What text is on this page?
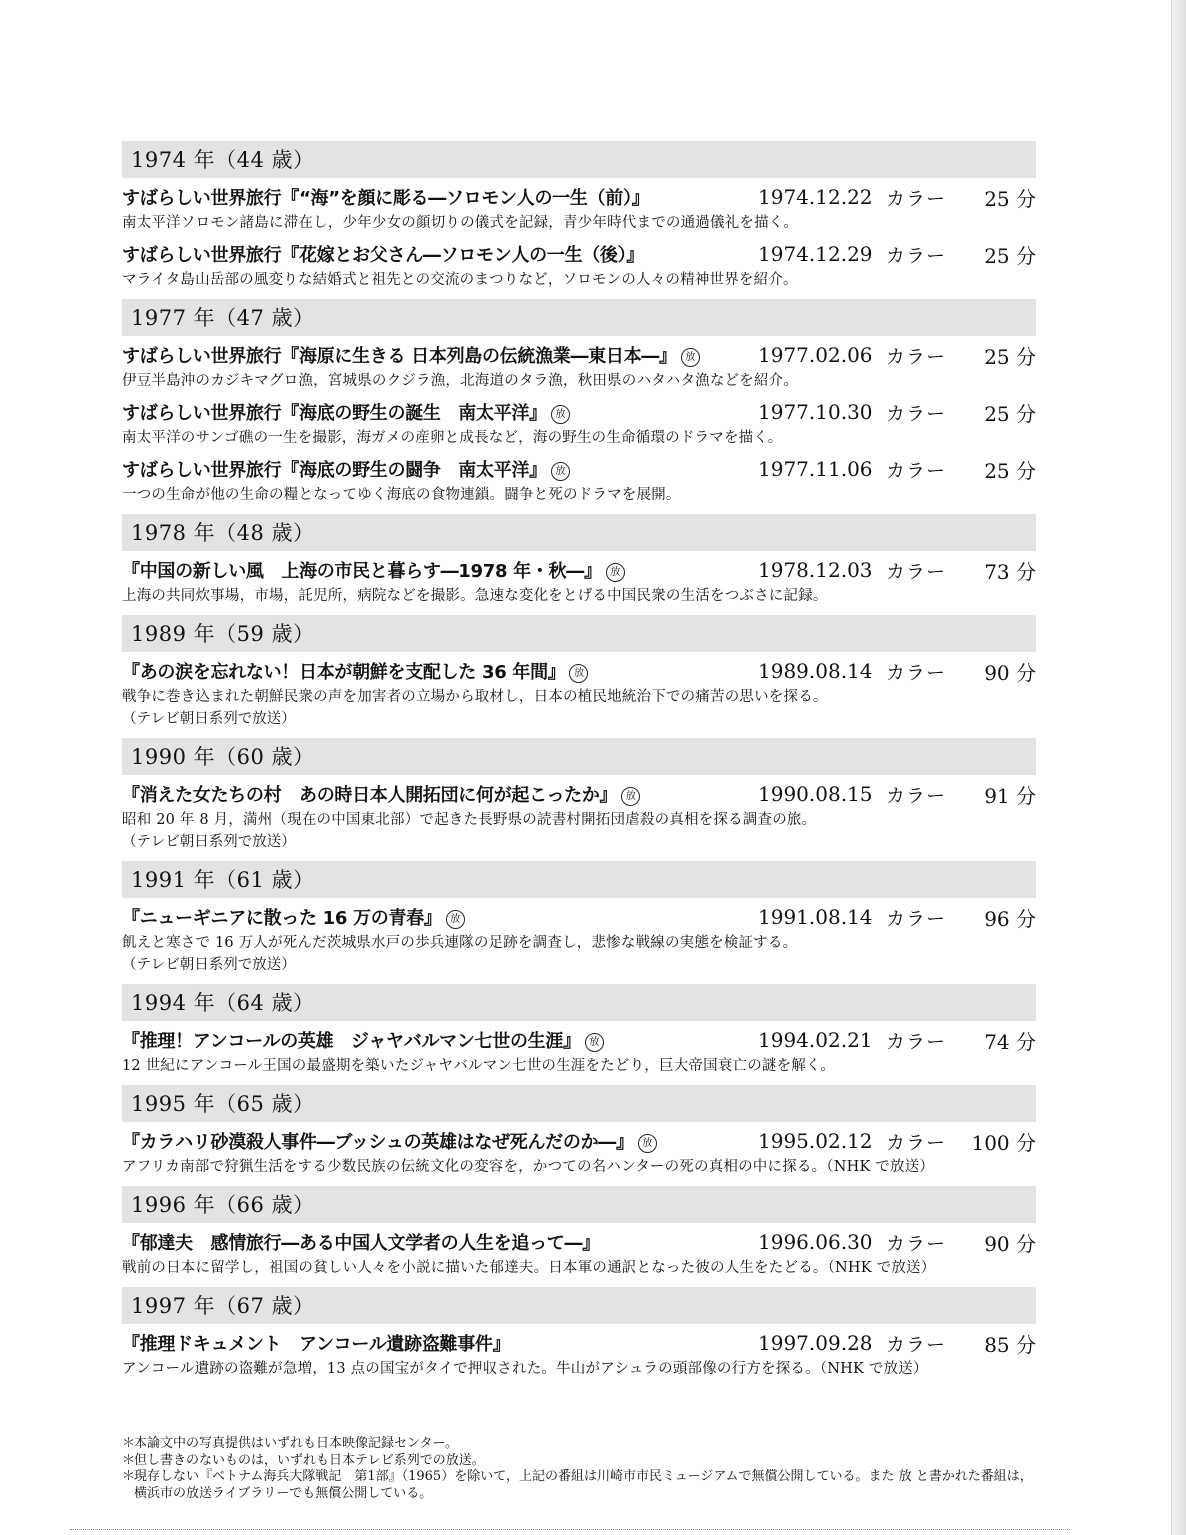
1974 年（44 歳）
すばらしい世界旅行『“海”を顔に彫る―ソロモン人の一生（前）』	1974.12.22 カラー	25 分
南太平洋ソロモン諸島に滞在し，少年少女の顔切りの儀式を記録，青少年時代までの通過儀礼を描く。
すばらしい世界旅行『花嫁とお父さん―ソロモン人の一生（後）』	1974.12.29 カラー	25 分
マライタ島山岳部の風変りな結婚式と祖先との交流のまつりなど，ソロモンの人々の精神世界を紹介。
1977 年（47 歳）
すばらしい世界旅行『海原に生きる 日本列島の伝統漁業―東日本―』 放	1977.02.06 カラー	25 分
伊豆半島沖のカジキマグロ漁，宮城県のクジラ漁，北海道のタラ漁，秋田県のハタハタ漁などを紹介。
すばらしい世界旅行『海底の野生の誕生　南太平洋』 放	1977.10.30 カラー	25 分
南太平洋のサンゴ礁の一生を撮影，海ガメの産卵と成長など，海の野生の生命循環のドラマを描く。
すばらしい世界旅行『海底の野生の闘争　南太平洋』 放	1977.11.06 カラー	25 分
一つの生命が他の生命の糧となってゆく海底の食物連鎖。闘争と死のドラマを展開。
1978 年（48 歳）
『中国の新しい風　上海の市民と暮らす―1978 年・秋―』 放	1978.12.03 カラー	73 分
上海の共同炊事場，市場，託児所，病院などを撮影。急速な変化をとげる中国民衆の生活をつぶさに記録。
1989 年（59 歳）
『あの涙を忘れない！日本が朝鮮を支配した 36 年間』 放	1989.08.14 カラー	90 分
戦争に巻き込まれた朝鮮民衆の声を加害者の立場から取材し，日本の植民地統治下での痛苦の思いを探る。
（テレビ朝日系列で放送）
1990 年（60 歳）
『消えた女たちの村　あの時日本人開拓団に何が起こったか』 放	1990.08.15 カラー	91 分
昭和 20 年 8 月，満州（現在の中国東北部）で起きた長野県の読書村開拓団虐殺の真相を探る調査の旅。
（テレビ朝日系列で放送）
1991 年（61 歳）
『ニューギニアに散った 16 万の青春』 放	1991.08.14 カラー	96 分
飢えと寒さで 16 万人が死んだ茨城県水戸の歩兵連隊の足跡を調査し，悲惨な戦線の実態を検証する。
（テレビ朝日系列で放送）
1994 年（64 歳）
『推理！アンコールの英雄　ジャヤバルマン七世の生涯』 放	1994.02.21 カラー	74 分
12 世紀にアンコール王国の最盛期を築いたジャヤバルマン七世の生涯をたどり，巨大帝国衰亡の謎を解く。
1995 年（65 歳）
『カラハリ砂漠殺人事件―ブッシュの英雄はなぜ死んだのか―』 放	1995.02.12 カラー	100 分
アフリカ南部で狩猟生活をする少数民族の伝統文化の変容を，かつての名ハンターの死の真相の中に探る。（NHK で放送）
1996 年（66 歳）
『郁達夫　感情旅行―ある中国人文学者の人生を追って―』	1996.06.30 カラー	90 分
戦前の日本に留学し，祖国の貧しい人々を小説に描いた郁達夫。日本軍の通訳となった彼の人生をたどる。（NHK で放送）
1997 年（67 歳）
『推理ドキュメント　アンコール遺跡盗難事件』	1997.09.28 カラー	85 分
アンコール遺跡の盗難が急増，13 点の国宝がタイで押収された。牛山がアシュラの頭部像の行方を探る。（NHK で放送）
＊
本論文中の写真提供はいずれも日本映像記録センター。
＊
但し書きのないものは，いずれも日本テレビ系列での放送。
＊
現存しない『ベトナム海兵大隊戦記　第1部』（1965）を除いて，上記の番組は川崎市市民ミュージアムで無償公開している。また 放 と書かれた番組は，横浜市の放送ライブラリーでも無償公開している。
